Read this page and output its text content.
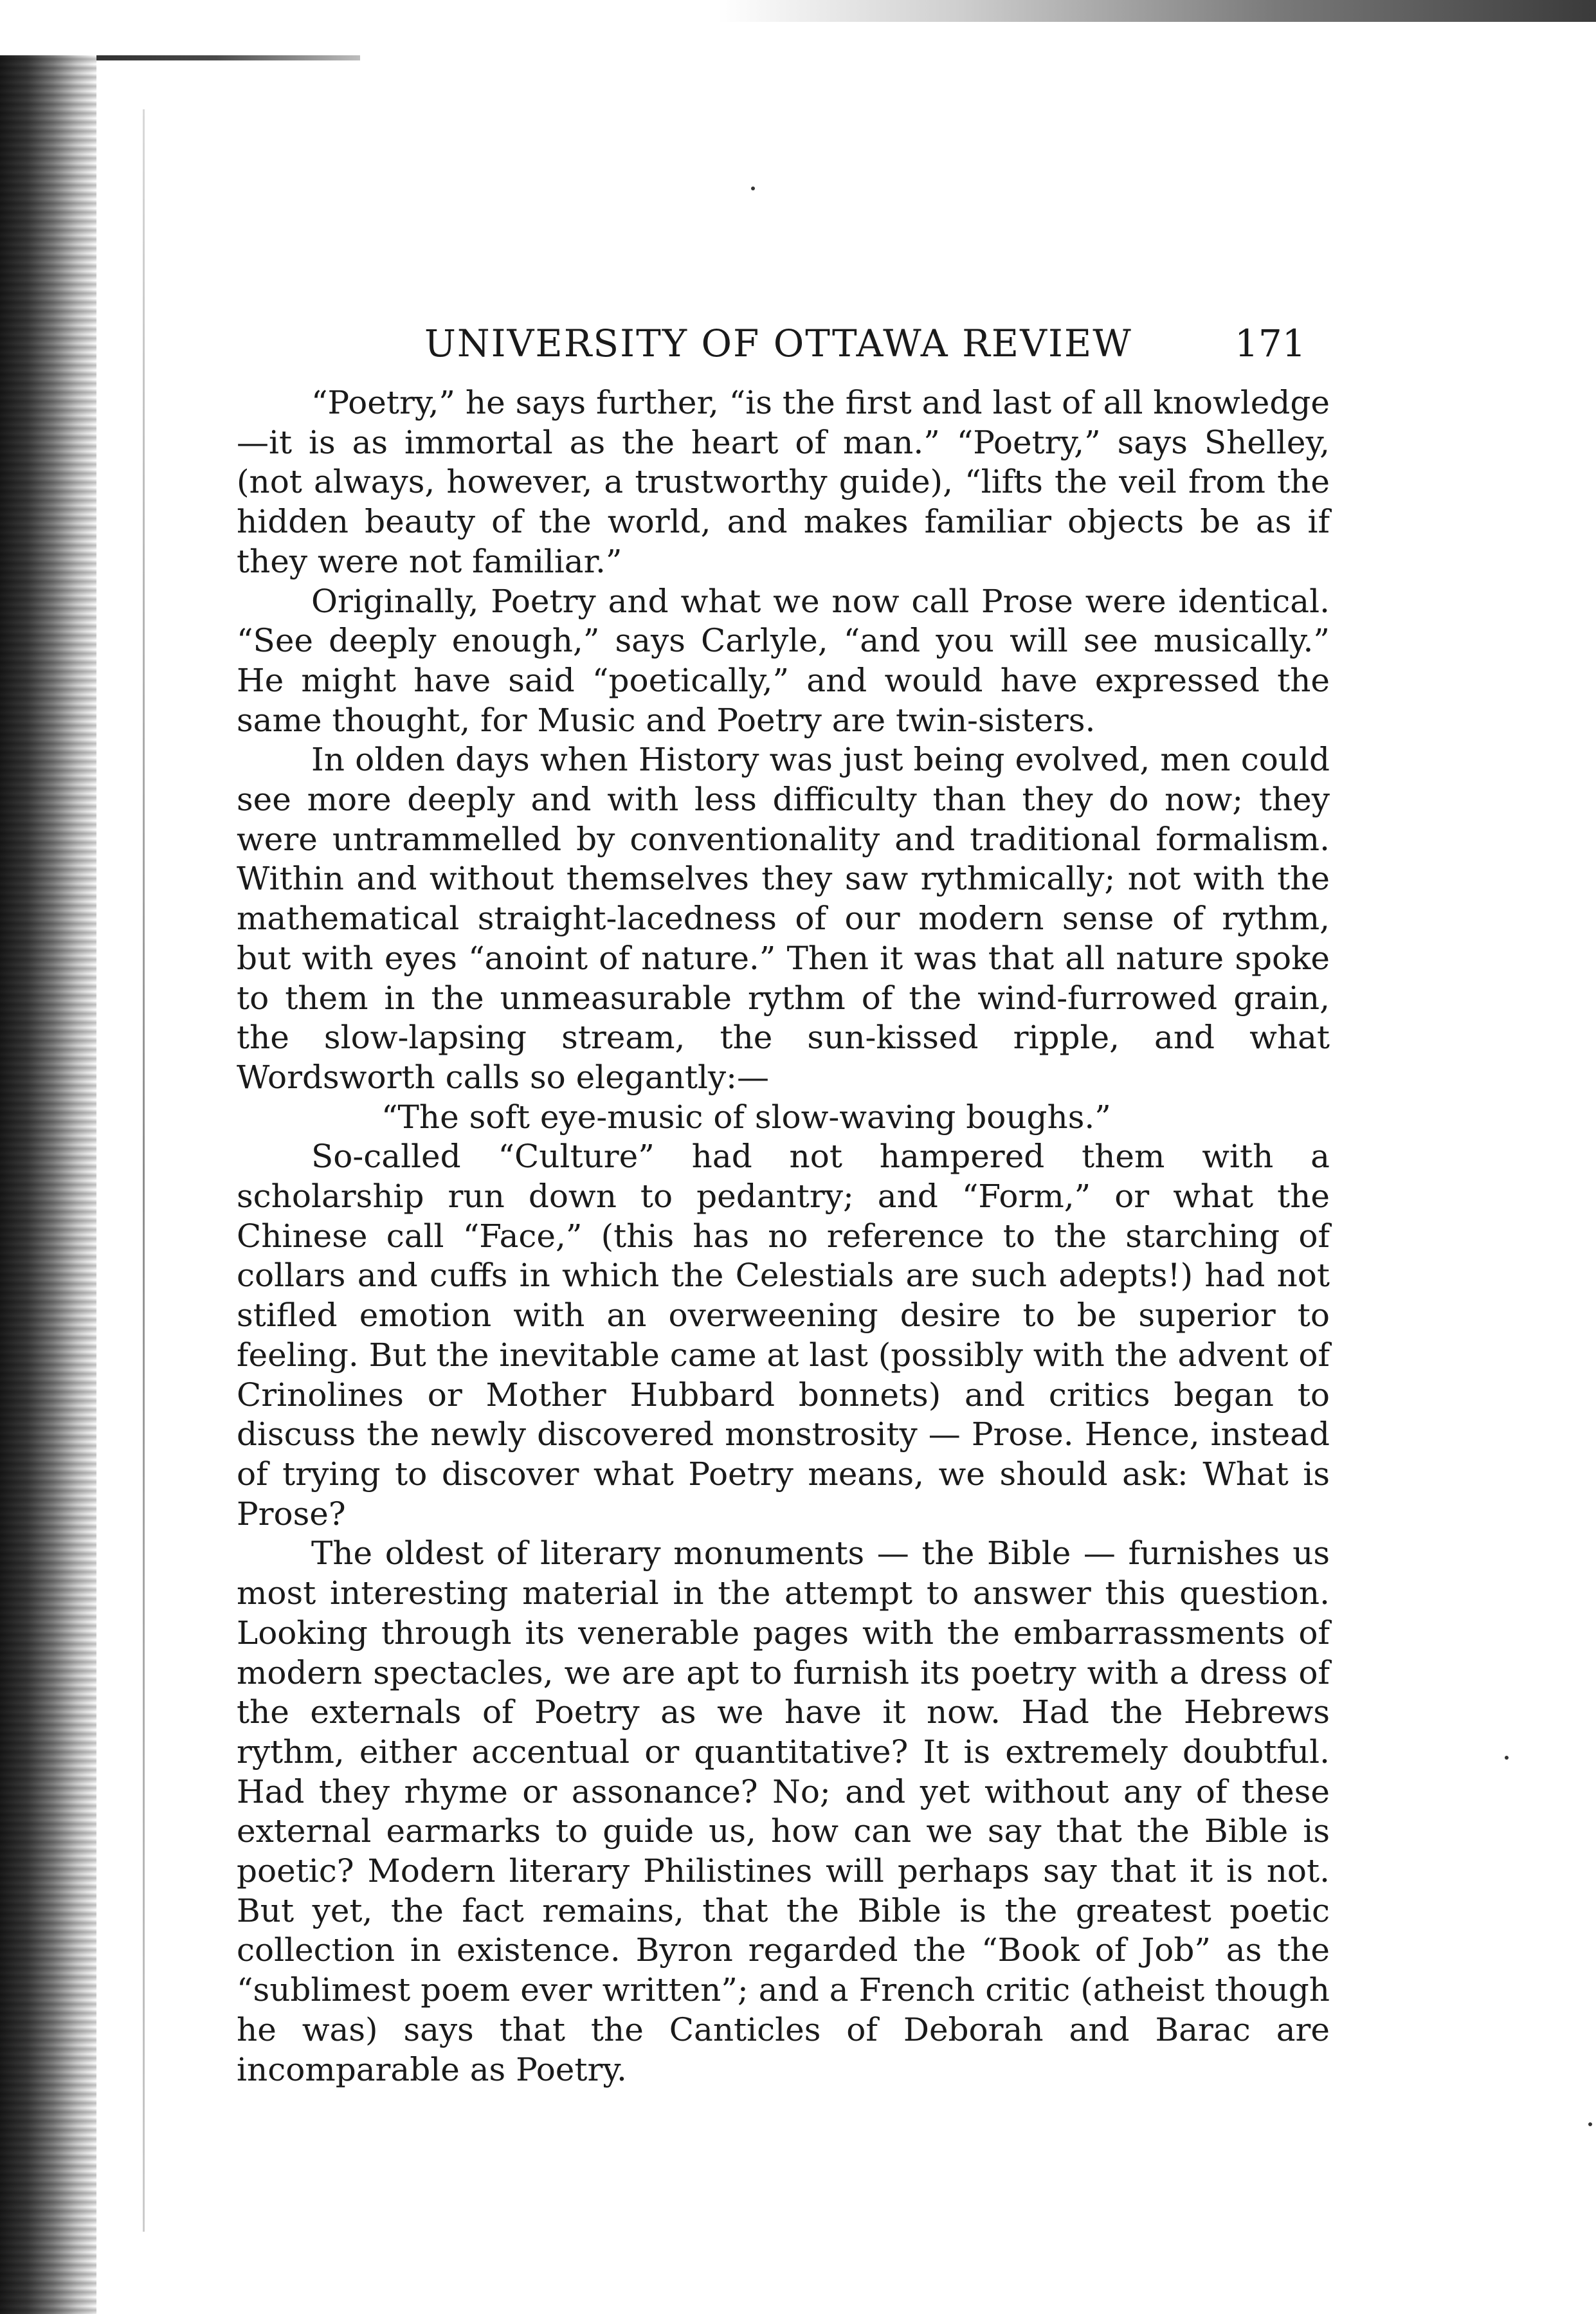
UNIVERSITY OF OTTAWA REVIEW	171

“Poetry,” he says further, “is the first and last of all knowledge—it is as immortal as the heart of man.” “Poetry,” says Shelley, (not always, however, a trustworthy guide), “lifts the veil from the hidden beauty of the world, and makes familiar objects be as if they were not familiar.”

Originally, Poetry and what we now call Prose were identical. “See deeply enough,” says Carlyle, “and you will see musically.” He might have said “poetically,” and would have expressed the same thought, for Music and Poetry are twin-sisters.

In olden days when History was just being evolved, men could see more deeply and with less difficulty than they do now; they were untrammelled by conventionality and traditional formalism. Within and without themselves they saw rythmically; not with the mathematical straight-lacedness of our modern sense of rythm, but with eyes “anoint of nature.” Then it was that all nature spoke to them in the unmeasurable rythm of the wind-furrowed grain, the slow-lapsing stream, the sun-kissed ripple, and what Wordsworth calls so elegantly:—

“The soft eye-music of slow-waving boughs.”

So-called “Culture” had not hampered them with a scholarship run down to pedantry; and “Form,” or what the Chinese call “Face,” (this has no reference to the starching of collars and cuffs in which the Celestials are such adepts!) had not stifled emotion with an overweening desire to be superior to feeling. But the inevitable came at last (possibly with the advent of Crinolines or Mother Hubbard bonnets) and critics began to discuss the newly discovered monstrosity — Prose. Hence, instead of trying to discover what Poetry means, we should ask: What is Prose?

The oldest of literary monuments — the Bible — furnishes us most interesting material in the attempt to answer this question. Looking through its venerable pages with the embarrassments of modern spectacles, we are apt to furnish its poetry with a dress of the externals of Poetry as we have it now. Had the Hebrews rythm, either accentual or quantitative? It is extremely doubtful. Had they rhyme or assonance? No; and yet without any of these external earmarks to guide us, how can we say that the Bible is poetic? Modern literary Philistines will perhaps say that it is not. But yet, the fact remains, that the Bible is the greatest poetic collection in existence. Byron regarded the “Book of Job” as the “sublimest poem ever written”; and a French critic (atheist though he was) says that the Canticles of Deborah and Barac are incomparable as Poetry.
